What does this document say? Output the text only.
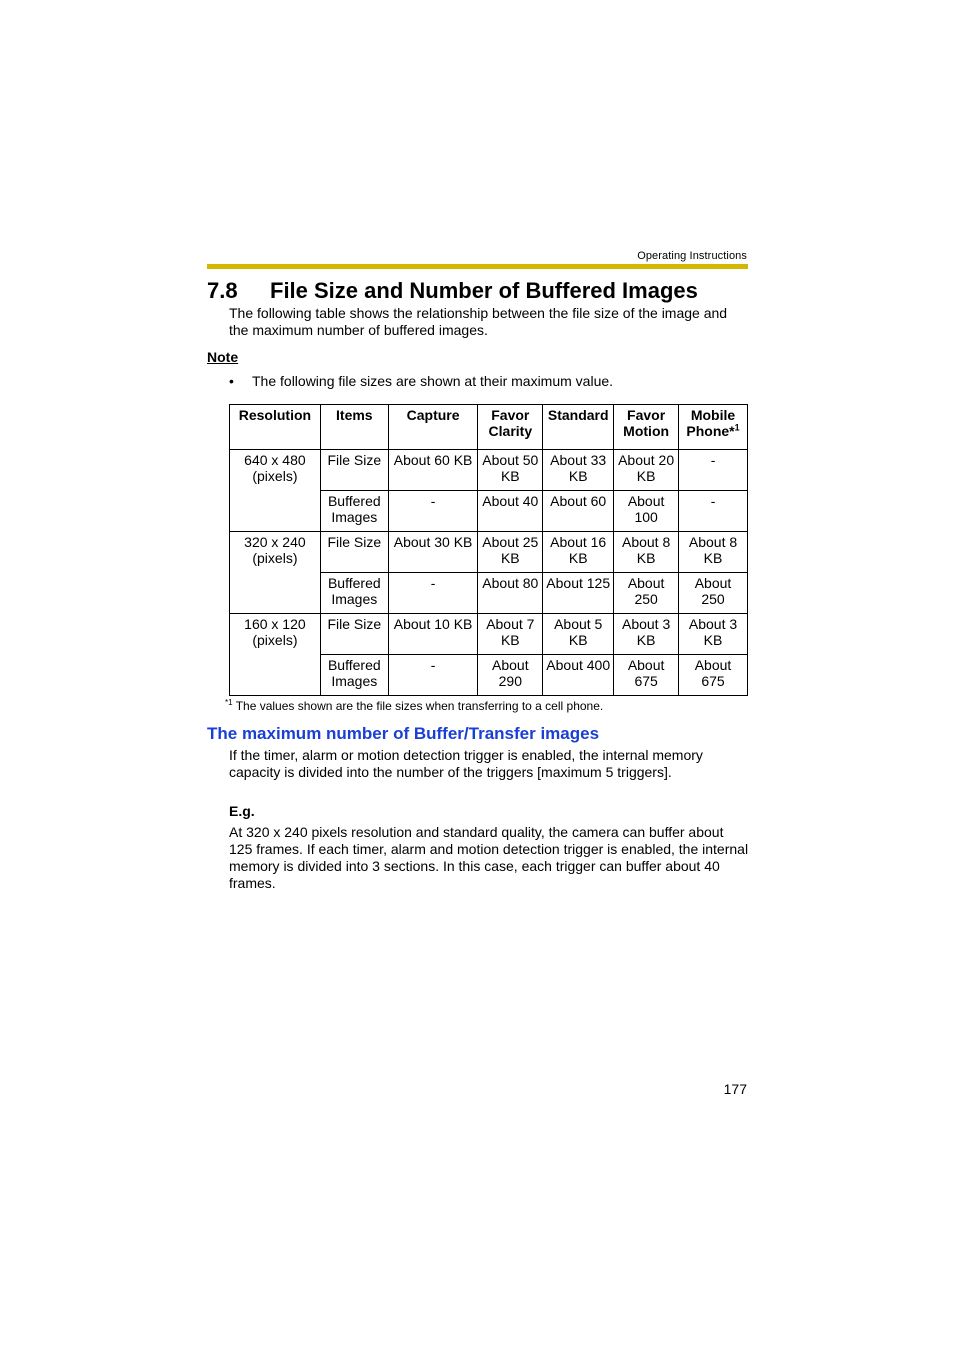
Operating Instructions
7.8 File Size and Number of Buffered Images

The following table shows the relationship between the file size of the image and the maximum number of buffered images.

Note
• The following file sizes are shown at their maximum value.
Resolution	Items	Capture	Favor Clarity	Standard	Favor Motion	Mobile Phone*$^1$
640 x 480 (pixels)	File Size	About 60 KB	About 50 KB	About 33 KB	About 20 KB	-
	Buffered Images	-	About 40	About 60	About 100	-
320 x 240 (pixels)	File Size	About 30 KB	About 25 KB	About 16 KB	About 8 KB	About 8 KB
	Buffered Images	-	About 80	About 125	About 250	About 250
160 x 120 (pixels)	File Size	About 10 KB	About 7 KB	About 5 KB	About 3 KB	About 3 KB
	Buffered Images	-	About 290	About 400	About 675	About 675
$^{*1}$ The values shown are the file sizes when transferring to a cell phone.
The maximum number of Buffer/Transfer images

If the timer, alarm or motion detection trigger is enabled, the internal memory capacity is divided into the number of the triggers [maximum 5 triggers].

E.g.

At 320 x 240 pixels resolution and standard quality, the camera can buffer about 125 frames. If each timer, alarm and motion detection trigger is enabled, the internal memory is divided into 3 sections. In this case, each trigger can buffer about 40 frames.

177
